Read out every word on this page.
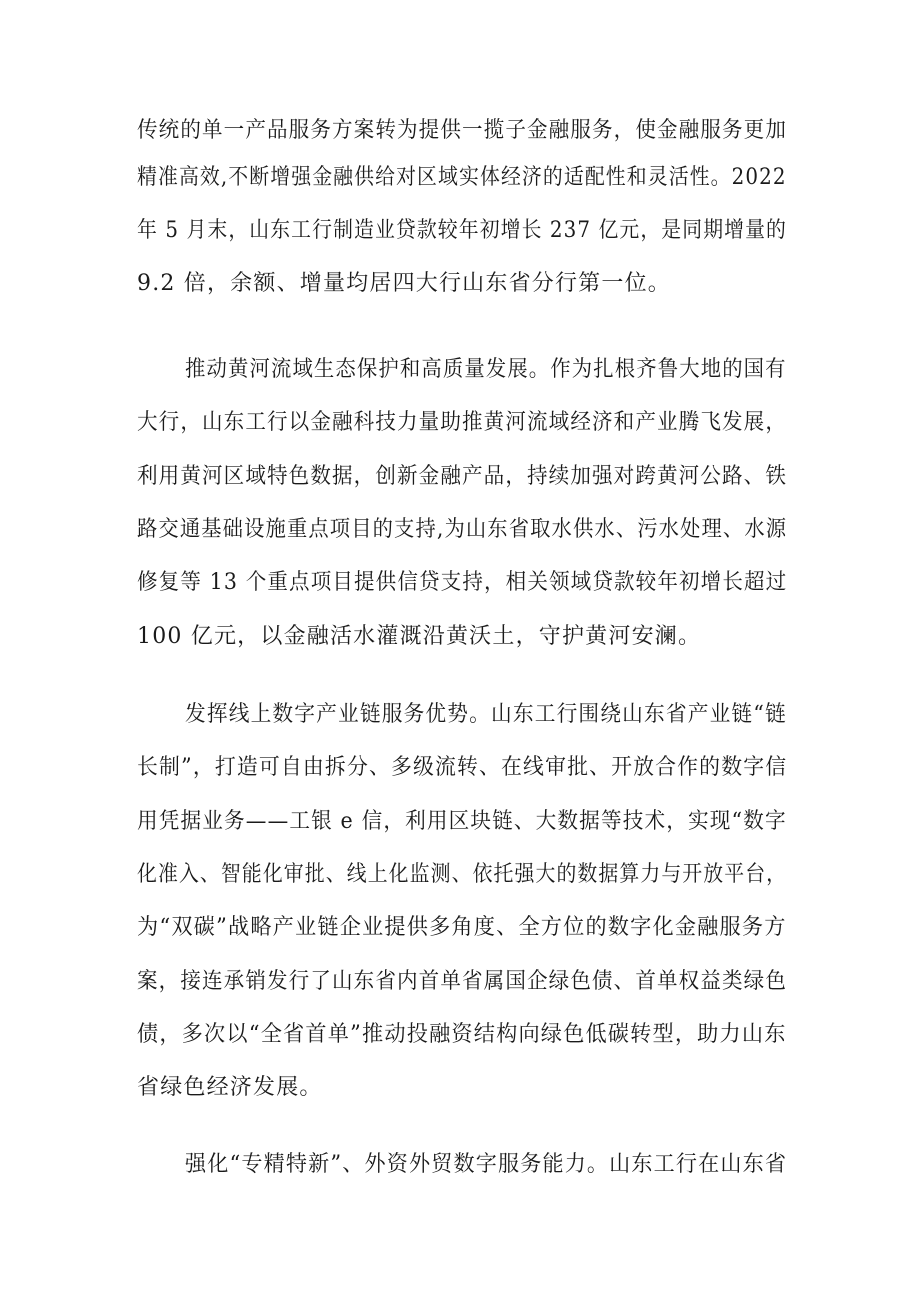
传统的单一产品服务方案转为提供一揽子金融服务，使金融服务更加
精准高效,不断增强金融供给对区域实体经济的适配性和灵活性。2022
年 5 月末，山东工行制造业贷款较年初增长 237 亿元，是同期增量的
9.2 倍，余额、增量均居四大行山东省分行第一位。
推动黄河流域生态保护和高质量发展。作为扎根齐鲁大地的国有
大行，山东工行以金融科技力量助推黄河流域经济和产业腾飞发展，
利用黄河区域特色数据，创新金融产品，持续加强对跨黄河公路、铁
路交通基础设施重点项目的支持,为山东省取水供水、污水处理、水源
修复等 13 个重点项目提供信贷支持，相关领域贷款较年初增长超过
100 亿元，以金融活水灌溉沿黄沃土，守护黄河安澜。
发挥线上数字产业链服务优势。山东工行围绕山东省产业链“链
长制”，打造可自由拆分、多级流转、在线审批、开放合作的数字信
用凭据业务——工银 e 信，利用区块链、大数据等技术，实现“数字
化准入、智能化审批、线上化监测、依托强大的数据算力与开放平台，
为“双碳”战略产业链企业提供多角度、全方位的数字化金融服务方
案，接连承销发行了山东省内首单省属国企绿色债、首单权益类绿色
债，多次以“全省首单”推动投融资结构向绿色低碳转型，助力山东
省绿色经济发展。
强化“专精特新”、外资外贸数字服务能力。山东工行在山东省
